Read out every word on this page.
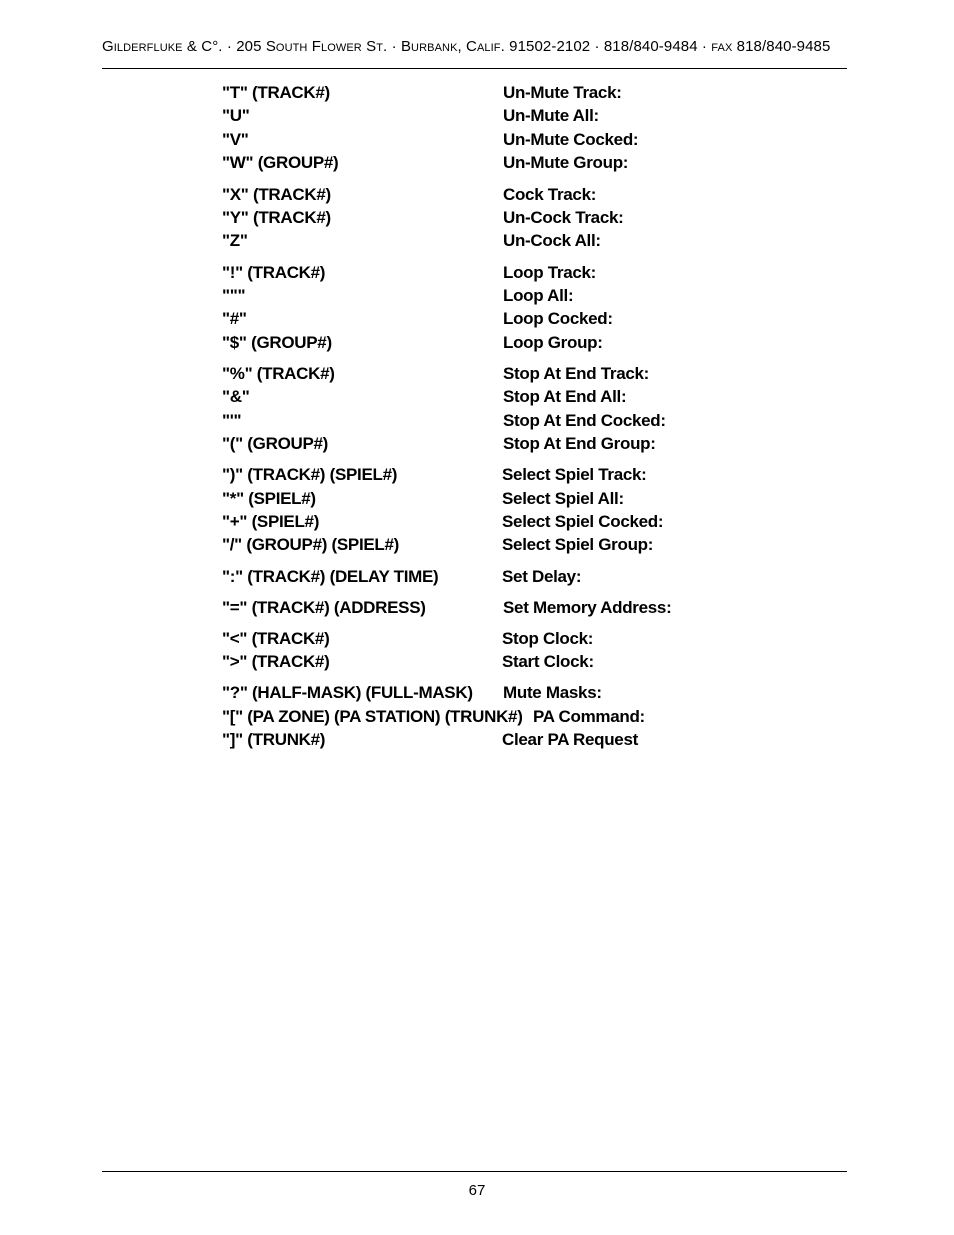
Gilderfluke & C°. · 205 South Flower St. · Burbank, Calif. 91502-2102 · 818/840-9484 · fax 818/840-9485
"T" (TRACK#)	Un-Mute Track:
"U"	Un-Mute All:
"V"	Un-Mute Cocked:
"W" (GROUP#)	Un-Mute Group:
"X" (TRACK#)	Cock Track:
"Y" (TRACK#)	Un-Cock Track:
"Z"	Un-Cock All:
"!" (TRACK#)	Loop Track:
"""	Loop All:
"#"	Loop Cocked:
"$" (GROUP#)	Loop Group:
"%" (TRACK#)	Stop At End Track:
"&"	Stop At End All:
"'"	Stop At End Cocked:
"(" (GROUP#)	Stop At End Group:
")" (TRACK#) (SPIEL#)	Select Spiel Track:
"*" (SPIEL#)	Select Spiel All:
"+" (SPIEL#)	Select Spiel Cocked:
"/" (GROUP#) (SPIEL#)	Select Spiel Group:
":" (TRACK#) (DELAY TIME)	Set Delay:
"=" (TRACK#) (ADDRESS)	Set Memory Address:
"<" (TRACK#)	Stop Clock:
">" (TRACK#)	Start Clock:
"?" (HALF-MASK) (FULL-MASK) Mute Masks:
"[" (PA ZONE) (PA STATION) (TRUNK#) PA Command:
"]" (TRUNK#)	Clear PA Request
67
